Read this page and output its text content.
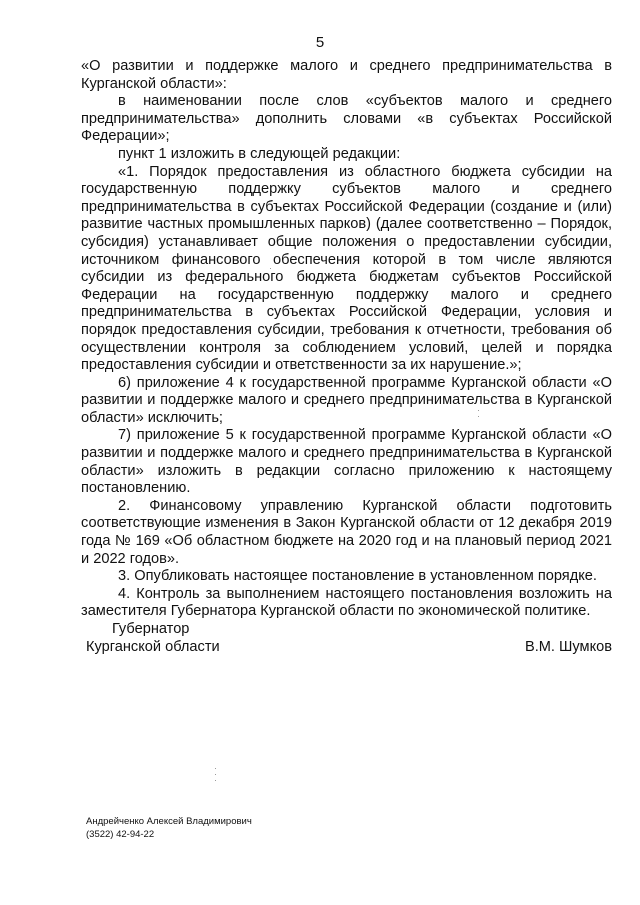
5

«О развитии и поддержке малого и среднего предпринимательства в Курганской области»:

в наименовании после слов «субъектов малого и среднего предпринимательства» дополнить словами «в субъектах Российской Федерации»;

пункт 1 изложить в следующей редакции:

«1. Порядок предоставления из областного бюджета субсидии на государственную поддержку субъектов малого и среднего предпринимательства в субъектах Российской Федерации (создание и (или) развитие частных промышленных парков) (далее соответственно – Порядок, субсидия) устанавливает общие положения о предоставлении субсидии, источником финансового обеспечения которой в том числе являются субсидии из федерального бюджета бюджетам субъектов Российской Федерации на государственную поддержку малого и среднего предпринимательства в субъектах Российской Федерации, условия и порядок предоставления субсидии, требования к отчетности, требования об осуществлении контроля за соблюдением условий, целей и порядка предоставления субсидии и ответственности за их нарушение.»;

6) приложение 4 к государственной программе Курганской области «О развитии и поддержке малого и среднего предпринимательства в Курганской области» исключить;

7) приложение 5 к государственной программе Курганской области «О развитии и поддержке малого и среднего предпринимательства в Курганской области» изложить в редакции согласно приложению к настоящему постановлению.

2. Финансовому управлению Курганской области подготовить соответствующие изменения в Закон Курганской области от 12 декабря 2019 года № 169 «Об областном бюджете на 2020 год и на плановый период 2021 и 2022 годов».

3. Опубликовать настоящее постановление в установленном порядке.

4. Контроль за выполнением настоящего постановления возложить на заместителя Губернатора Курганской области по экономической политике.

Губернатор
Курганской области	В.М. Шумков
Андрейченко Алексей Владимирович
(3522) 42-94-22
